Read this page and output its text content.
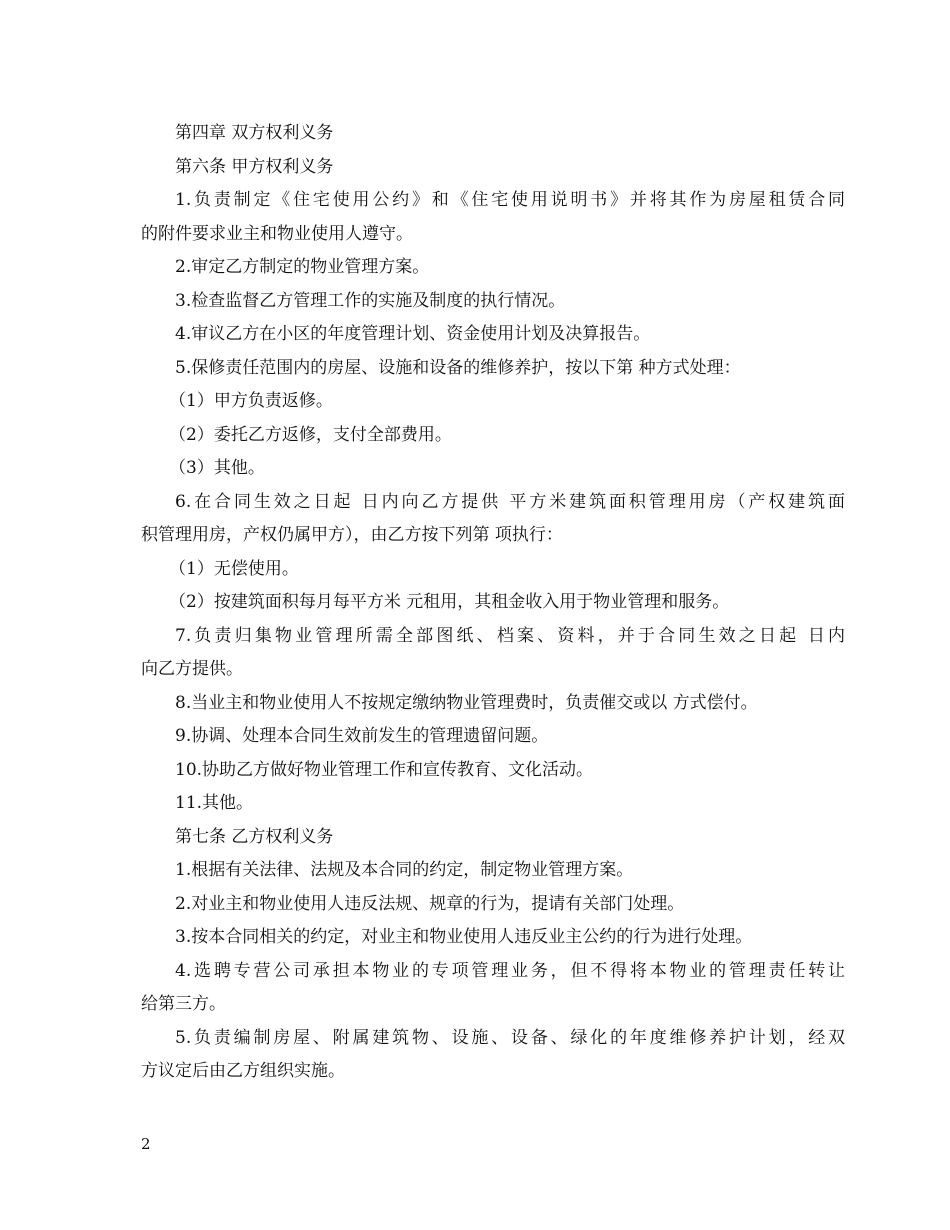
第四章 双方权利义务
第六条 甲方权利义务
1.负责制定《住宅使用公约》和《住宅使用说明书》并将其作为房屋租赁合同
的附件要求业主和物业使用人遵守。
2.审定乙方制定的物业管理方案。
3.检查监督乙方管理工作的实施及制度的执行情况。
4.审议乙方在小区的年度管理计划、资金使用计划及决算报告。
5.保修责任范围内的房屋、设施和设备的维修养护，按以下第 种方式处理：
（1）甲方负责返修。
（2）委托乙方返修，支付全部费用。
（3）其他。
6.在合同生效之日起 日内向乙方提供 平方米建筑面积管理用房（产权建筑面
积管理用房，产权仍属甲方），由乙方按下列第 项执行：
（1）无偿使用。
（2）按建筑面积每月每平方米 元租用，其租金收入用于物业管理和服务。
7.负责归集物业管理所需全部图纸、档案、资料，并于合同生效之日起 日内
向乙方提供。
8.当业主和物业使用人不按规定缴纳物业管理费时，负责催交或以 方式偿付。
9.协调、处理本合同生效前发生的管理遗留问题。
10.协助乙方做好物业管理工作和宣传教育、文化活动。
11.其他。
第七条 乙方权利义务
1.根据有关法律、法规及本合同的约定，制定物业管理方案。
2.对业主和物业使用人违反法规、规章的行为，提请有关部门处理。
3.按本合同相关的约定，对业主和物业使用人违反业主公约的行为进行处理。
4.选聘专营公司承担本物业的专项管理业务，但不得将本物业的管理责任转让
给第三方。
5.负责编制房屋、附属建筑物、设施、设备、绿化的年度维修养护计划，经双
方议定后由乙方组织实施。
2
